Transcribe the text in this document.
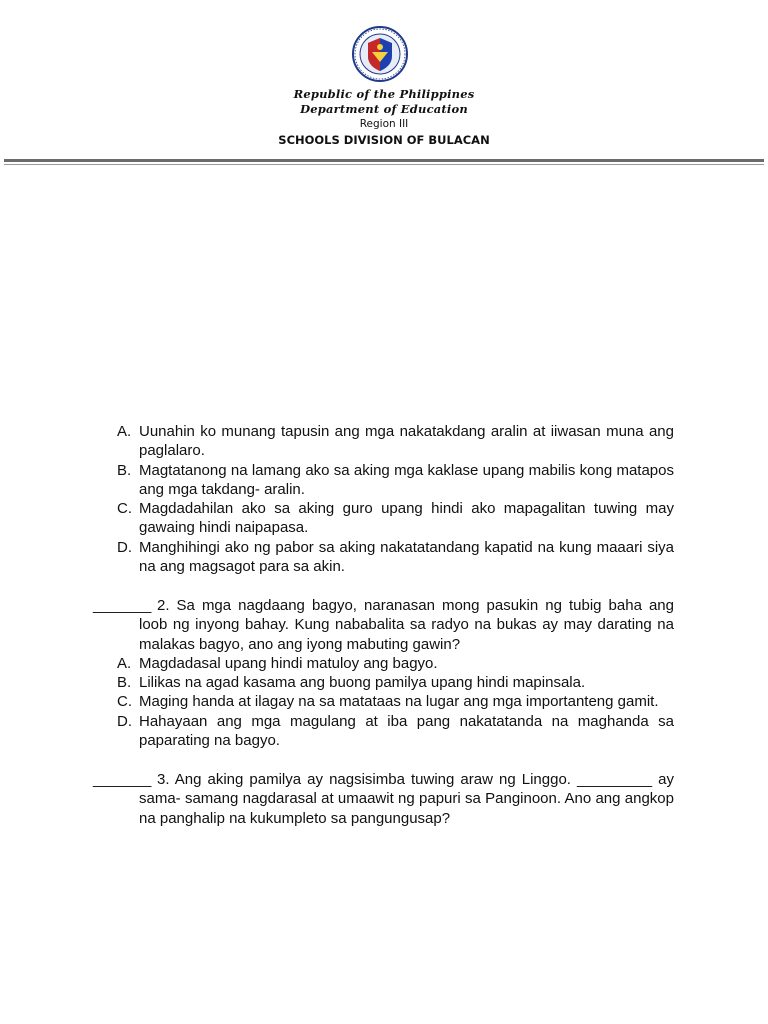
Republic of the Philippines
Department of Education
Region III
SCHOOLS DIVISION OF BULACAN
A. Uunahin ko munang tapusin ang mga nakatakdang aralin at iiwasan muna ang paglalaro.
B. Magtatanong na lamang ako sa aking mga kaklase upang mabilis kong matapos ang mga takdang- aralin.
C. Magdadahilan ako sa aking guro upang hindi ako mapagalitan tuwing may gawaing hindi naipapasa.
D. Manghihingi ako ng pabor sa aking nakatatandang kapatid na kung maaari siya na ang magsagot para sa akin.
_______ 2. Sa mga nagdaang bagyo, naranasan mong pasukin ng tubig baha ang
loob ng inyong bahay. Kung nababalita sa radyo na bukas ay may darating na malakas bagyo, ano ang iyong mabuting gawin?
A. Magdadasal upang hindi matuloy ang bagyo.
B. Lilikas na agad kasama ang buong pamilya upang hindi mapinsala.
C. Maging handa at ilagay na sa matataas na lugar ang mga importanteng gamit.
D. Hahayaan ang mga magulang at iba pang nakatatanda na maghanda sa paparating na bagyo.
_______ 3. Ang aking pamilya ay nagsisimba tuwing araw ng Linggo. _________ ay
sama- samang nagdarasal at umaawit ng papuri sa Panginoon. Ano ang angkop na panghalip na kukumpleto sa pangungusap?
